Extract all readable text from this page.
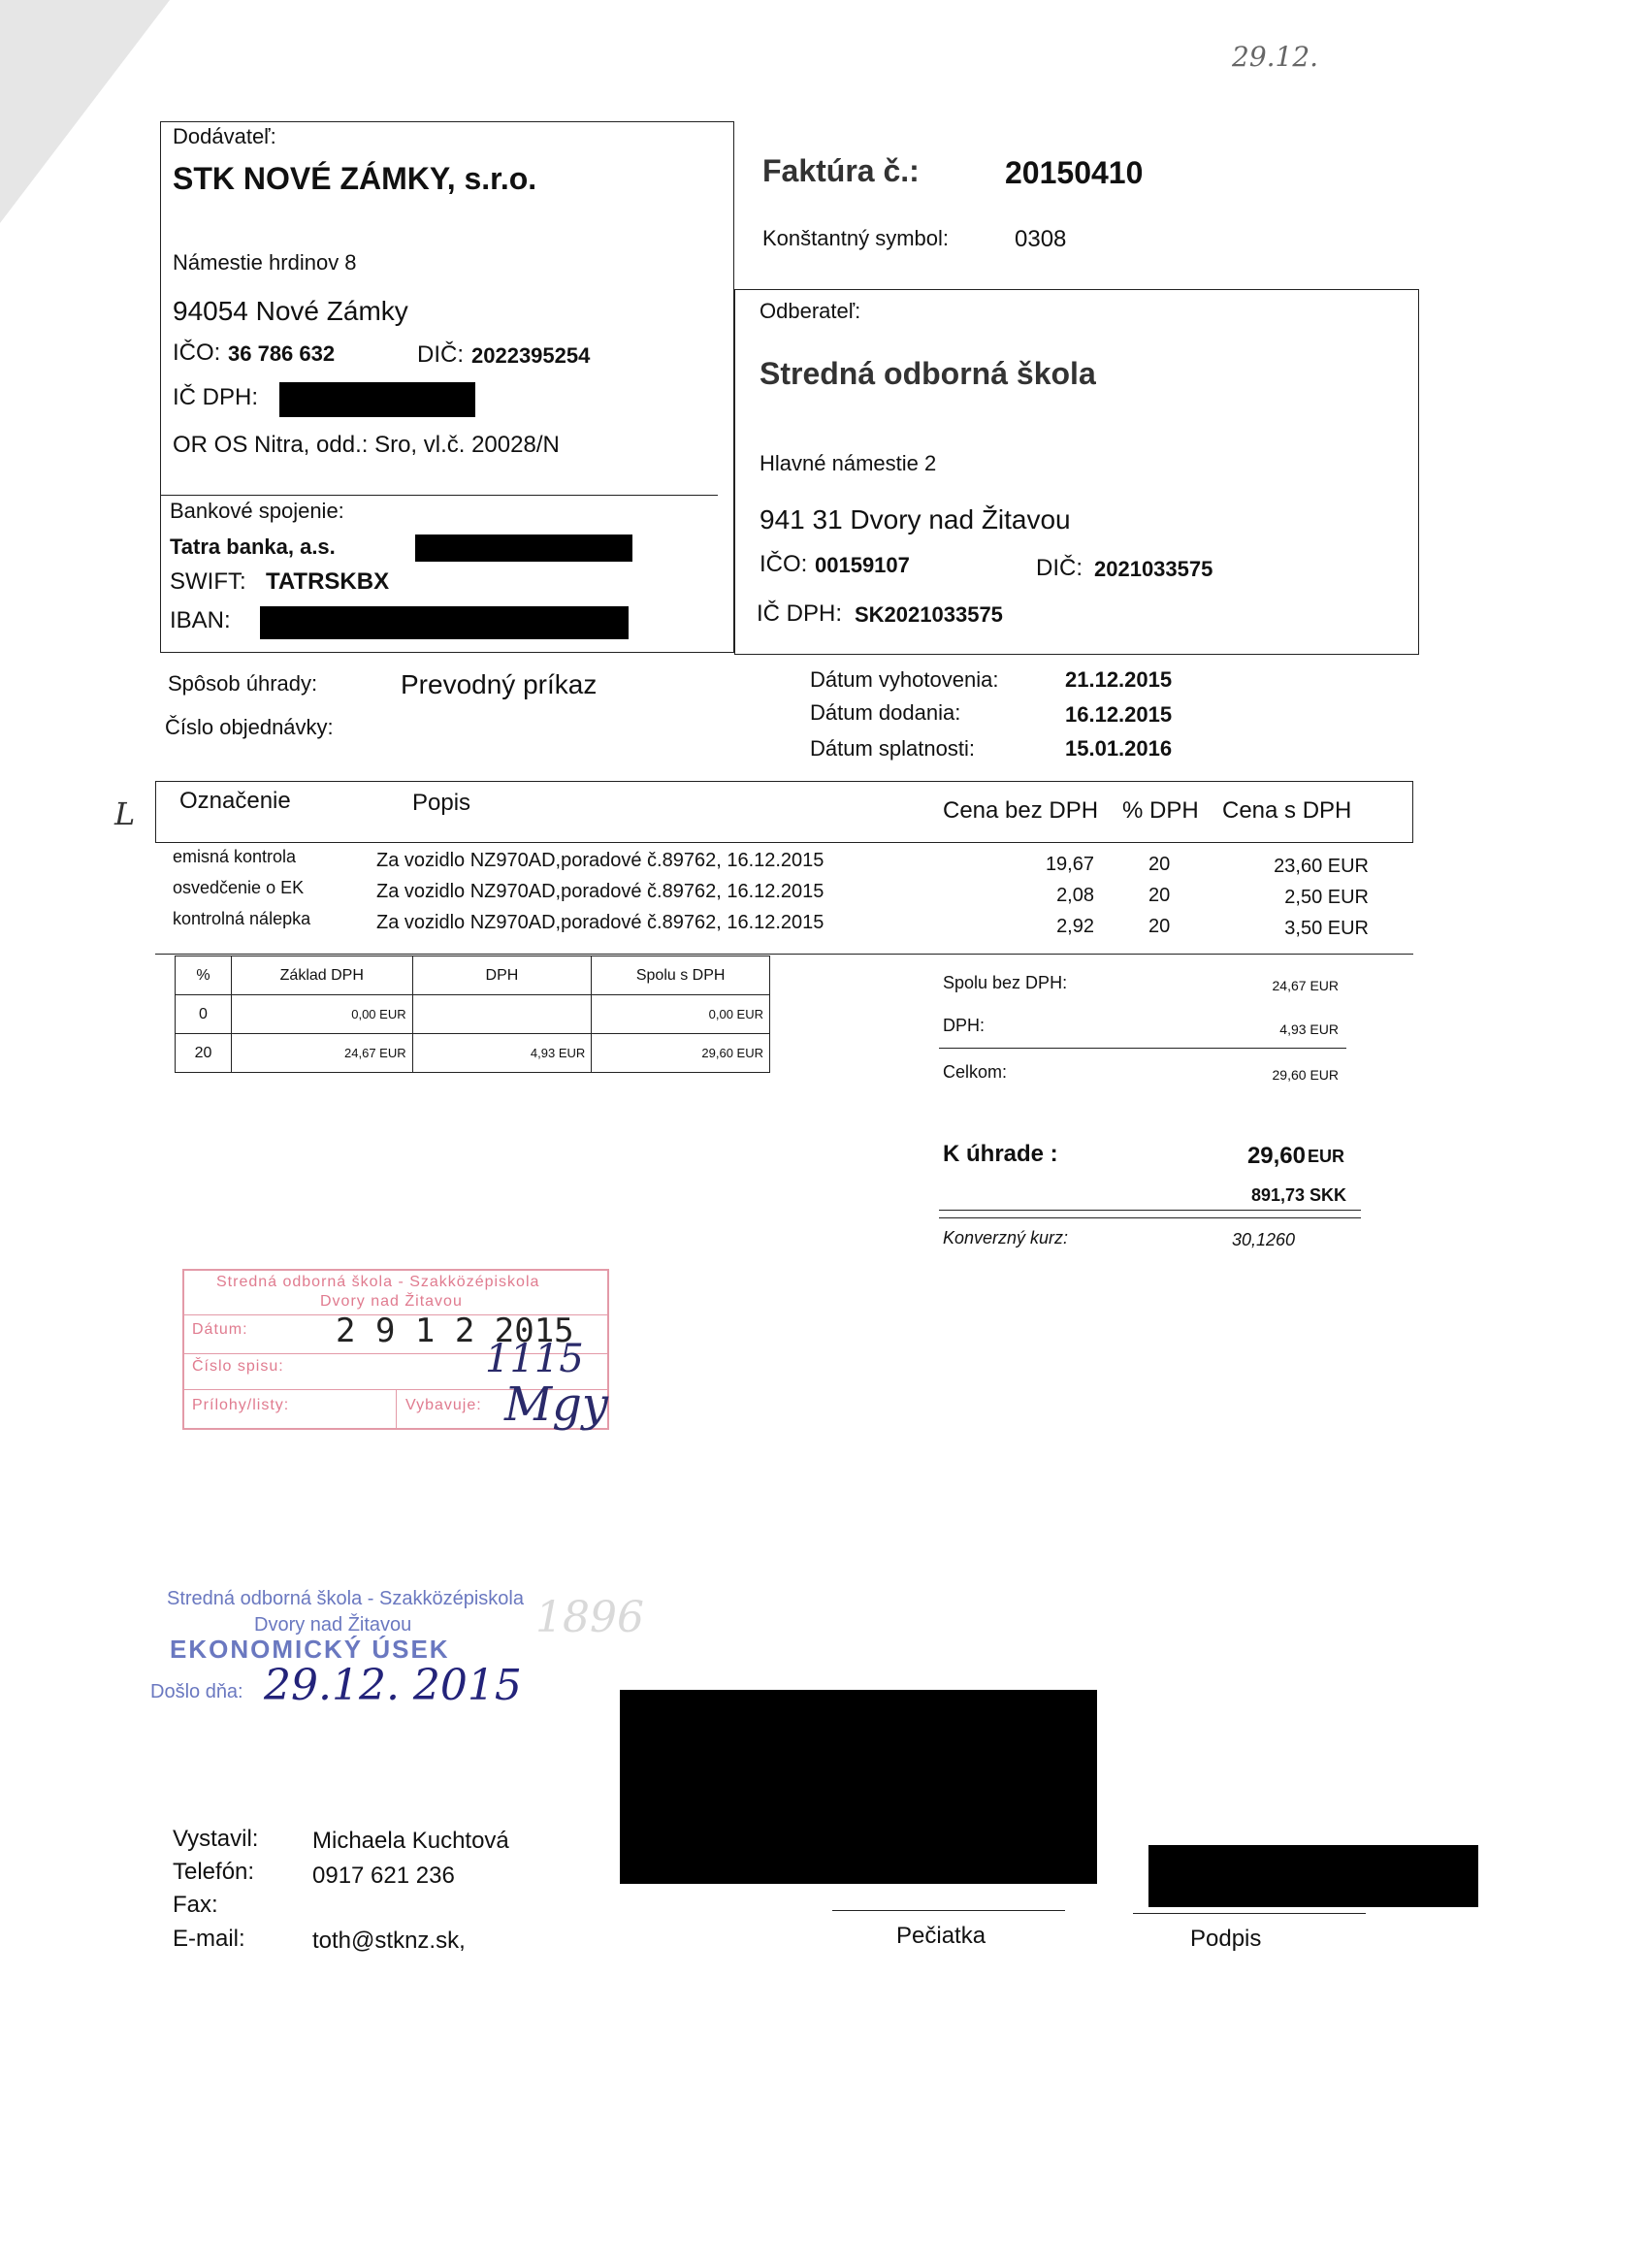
29.12.
Dodávateľ:
STK NOVÉ ZÁMKY, s.r.o.
Námestie hrdinov 8
94054 Nové Zámky
IČO: 36 786 632	DIČ: 2022395254
IČ DPH:
OR OS Nitra, odd.: Sro, vl.č. 20028/N
Bankové spojenie:
Tatra banka, a.s.
SWIFT: TATRSKBX
IBAN:
Faktúra č.:	20150410
Konštantný symbol:	0308
Odberateľ:
Stredná odborná škola
Hlavné námestie 2
941 31 Dvory nad Žitavou
IČO: 00159107	DIČ: 2021033575
IČ DPH: SK2021033575
Spôsob úhrady:	Prevodný príkaz
Číslo objednávky:
Dátum vyhotovenia:	21.12.2015
Dátum dodania:	16.12.2015
Dátum splatnosti:	15.01.2016
L Označenie	Popis	Cena bez DPH % DPH Cena s DPH
emisná kontrola	Za vozidlo NZ970AD,poradové č.89762, 16.12.2015	19,67	20	23,60 EUR
osvedčenie o EK	Za vozidlo NZ970AD,poradové č.89762, 16.12.2015	2,08	20	2,50 EUR
kontrolná nálepka	Za vozidlo NZ970AD,poradové č.89762, 16.12.2015	2,92	20	3,50 EUR
%	Základ DPH	DPH	Spolu s DPH
0	0,00 EUR		0,00 EUR
20	24,67 EUR	4,93 EUR	29,60 EUR
Spolu bez DPH:	24,67 EUR
DPH:	4,93 EUR
Celkom:	29,60 EUR
K úhrade :	29,60 EUR
891,73 SKK
Konverzný kurz:	30,1260
Stredná odborná škola - Szakközépiskola
Dvory nad Žitavou
Dátum:	2 9 1 2 2015
Číslo spisu:	1115
Prílohy/listy:	Vybavuje: Mgy
Stredná odborná škola - Szakközépiskola
Dvory nad Žitavou
EKONOMICKÝ ÚSEK
Došlo dňa: 29.12. 2015
1896
Pečiatka	Podpis
Vystavil: Michaela Kuchtová
Telefón: 0917 621 236
Fax:
E-mail:	toth@stknz.sk,
